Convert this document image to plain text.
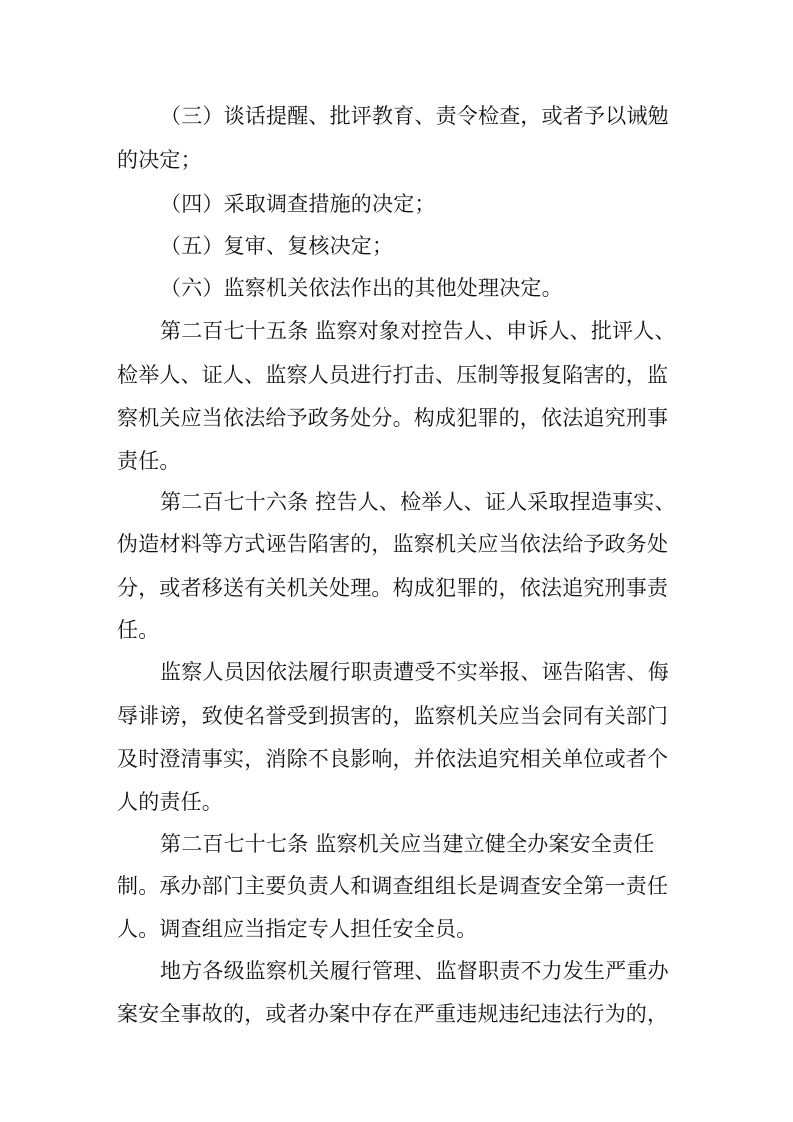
（三）谈话提醒、批评教育、责令检查，或者予以诫勉
的决定；
（四）采取调查措施的决定；
（五）复审、复核决定；
（六）监察机关依法作出的其他处理决定。
第二百七十五条 监察对象对控告人、申诉人、批评人、
检举人、证人、监察人员进行打击、压制等报复陷害的，监
察机关应当依法给予政务处分。构成犯罪的，依法追究刑事
责任。
第二百七十六条 控告人、检举人、证人采取捏造事实、
伪造材料等方式诬告陷害的，监察机关应当依法给予政务处
分，或者移送有关机关处理。构成犯罪的，依法追究刑事责
任。
监察人员因依法履行职责遭受不实举报、诬告陷害、侮
辱诽谤，致使名誉受到损害的，监察机关应当会同有关部门
及时澄清事实，消除不良影响，并依法追究相关单位或者个
人的责任。
第二百七十七条 监察机关应当建立健全办案安全责任
制。承办部门主要负责人和调查组组长是调查安全第一责任
人。调查组应当指定专人担任安全员。
地方各级监察机关履行管理、监督职责不力发生严重办
案安全事故的，或者办案中存在严重违规违纪违法行为的，
